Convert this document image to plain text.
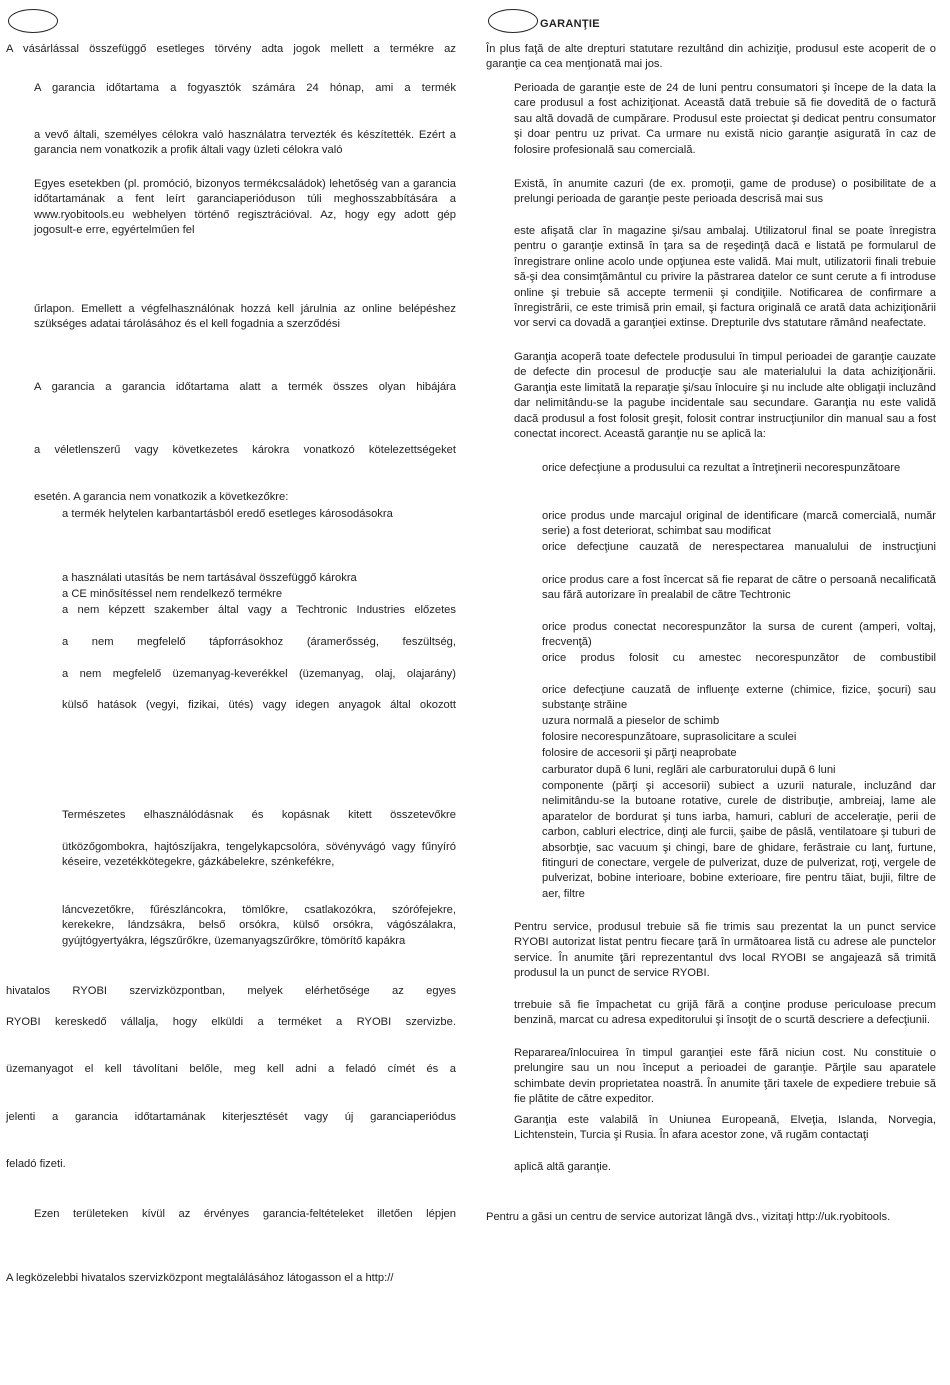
A vásárlással összefüggő esetleges törvény adta jogok mellett a termékre az

A garancia időtartama a fogyasztók számára 24 hónap, ami a termék

a vevő általi, személyes célokra való használatra tervezték és készítették. Ezért a garancia nem vonatkozik a profik általi vagy üzleti célokra való

Egyes esetekben (pl. promóció, bizonyos termékcsaládok) lehetőség van a garancia időtartamának a fent leírt garanciaperióduson túli meghosszabbítására a www.ryobitools.eu webhelyen történő regisztrációval. Az, hogy egy adott gép jogosult-e erre, egyértelműen fel

űrlapon. Emellett a végfelhasználónak hozzá kell járulnia az online belépéshez szükséges adatai tárolásához és el kell fogadnia a szerződési

A garancia a garancia időtartama alatt a termék összes olyan hibájára

a véletlenszerű vagy következetes károkra vonatkozó kötelezettségeket

esetén. A garancia nem vonatkozik a következőkre:

a termék helytelen karbantartásból eredő esetleges károsodásokra

a használati utasítás be nem tartásával összefüggő károkra

a CE minősítéssel nem rendelkező termékre

a nem képzett szakember által vagy a Techtronic Industries előzetes

a nem megfelelő tápforrásokhoz (áramerősség, feszültség,

a nem megfelelő üzemanyag-keverékkel (üzemanyag, olaj, olajarány)

külső hatások (vegyi, fizikai, ütés) vagy idegen anyagok által okozott

Természetes elhasználódásnak és kopásnak kitett összetevőkre

ütközőgombokra, hajtószíjakra, tengelykapcsolóra, sövényvágó vagy fűnyíró késeire, vezetékkötegekre, gázkábelekre, szénkefékre,

láncvezetőkre, fűrészláncokra, tömlőkre, csatlakozókra, szórófejekre, kerekekre, lándzsákra, belső orsókra, külső orsókra, vágószálakra, gyújtógyertyákra, légszűrőkre, üzemanyagszűrőkre, tömörítő kapákra

hivatalos RYOBI szervizközpontban, melyek elérhetősége az egyes

RYOBI kereskedő vállalja, hogy elküldi a terméket a RYOBI szervizbe.

üzemanyagot el kell távolítani belőle, meg kell adni a feladó címét és a

jelenti a garancia időtartamának kiterjesztését vagy új garanciaperiódus

feladó fizeti.

Ezen területeken kívül az érvényes garancia-feltételeket illetően lépjen

A legközelebbi hivatalos szervizközpont megtalálásához látogasson el a http://

GARANŢIE

În plus faţă de alte drepturi statutare rezultând din achiziţie, produsul este acoperit de o garanţie ca cea menţionată mai jos.

Perioada de garanţie este de 24 de luni pentru consumatori şi începe de la data la care produsul a fost achiziţionat. Această dată trebuie să fie dovedită de o factură sau altă dovadă de cumpărare. Produsul este proiectat şi dedicat pentru consumator şi doar pentru uz privat. Ca urmare nu există nicio garanţie asigurată în caz de folosire profesională sau comercială.

Există, în anumite cazuri (de ex. promoţii, game de produse) o posibilitate de a prelungi perioada de garanţie peste perioada descrisă mai sus

este afişată clar în magazine şi/sau ambalaj. Utilizatorul final se poate înregistra pentru o garanţie extinsă în ţara sa de reşedinţă dacă e listată pe formularul de înregistrare online acolo unde opţiunea este validă. Mai mult, utilizatorii finali trebuie să-şi dea consimţământul cu privire la păstrarea datelor ce sunt cerute a fi introduse online şi trebuie să accepte termenii şi condiţiile. Notificarea de confirmare a înregistrării, ce este trimisă prin email, şi factura originală ce arată data achiziţionării vor servi ca dovadă a garanţiei extinse. Drepturile dvs statutare rămând neafectate.

Garanţia acoperă toate defectele produsului în timpul perioadei de garanţie cauzate de defecte din procesul de producţie sau ale materialului la data achiziţionării. Garanţia este limitată la reparaţie şi/sau înlocuire şi nu include alte obligaţii incluzând dar nelimitându-se la pagube incidentale sau secundare. Garanţia nu este validă dacă produsul a fost folosit greşit, folosit contrar instrucţiunilor din manual sau a fost conectat incorect. Această garanţie nu se aplică la:

orice defecţiune a produsului ca rezultat a întreţinerii necorespunzătoare

orice produs unde marcajul original de identificare (marcă comercială, număr serie) a fost deteriorat, schimbat sau modificat

orice defecţiune cauzată de nerespectarea manualului de instrucţiuni

orice produs care a fost încercat să fie reparat de către o persoană necalificată sau fără autorizare în prealabil de către Techtronic

orice produs conectat necorespunzător la sursa de curent (amperi, voltaj, frecvenţă)

orice produs folosit cu amestec necorespunzător de combustibil

orice defecţiune cauzată de influenţe externe (chimice, fizice, şocuri) sau substanţe străine

uzura normală a pieselor de schimb

folosire necorespunzătoare, suprasolicitare a sculei

folosire de accesorii şi părţi neaprobate

carburator după 6 luni, reglări ale carburatorului după 6 luni

componente (părţi şi accesorii) subiect a uzurii naturale, incluzând dar nelimitându-se la butoane rotative, curele de distribuţie, ambreiaj, lame ale aparatelor de bordurat şi tuns iarba, hamuri, cabluri de acceleraţie, perii de carbon, cabluri electrice, dinţi ale furcii, şaibe de pâslă, ventilatoare şi tuburi de absorbţie, sac vacuum şi chingi, bare de ghidare, ferăstraie cu lanţ, furtune, fitinguri de conectare, vergele de pulverizat, duze de pulverizat, roţi, vergele de pulverizat, bobine interioare, bobine exterioare, fire pentru tăiat, bujii, filtre de aer, filtre

Pentru service, produsul trebuie să fie trimis sau prezentat la un punct service RYOBI autorizat listat pentru fiecare ţară în următoarea listă cu adrese ale punctelor service. În anumite ţări reprezentantul dvs local RYOBI se angajează să trimită produsul la un punct de service RYOBI.

trrebuie să fie împachetat cu grijă fără a conţine produse periculoase precum benzină, marcat cu adresa expeditorului şi însoţit de o scurtă descriere a defecţiunii.

Repararea/înlocuirea în timpul garanţiei este fără niciun cost. Nu constituie o prelungire sau un nou început a perioadei de garanţie. Părţile sau aparatele schimbate devin proprietatea noastră. În anumite ţări taxele de expediere trebuie să fie plătite de către expeditor.

Garanţia este valabilă în Uniunea Europeană, Elveţia, Islanda, Norvegia, Lichtenstein, Turcia şi Rusia. În afara acestor zone, vă rugăm contactaţi

aplică altă garanţie.

Pentru a găsi un centru de service autorizat lângă dvs., vizitaţi http://uk.ryobitools.
